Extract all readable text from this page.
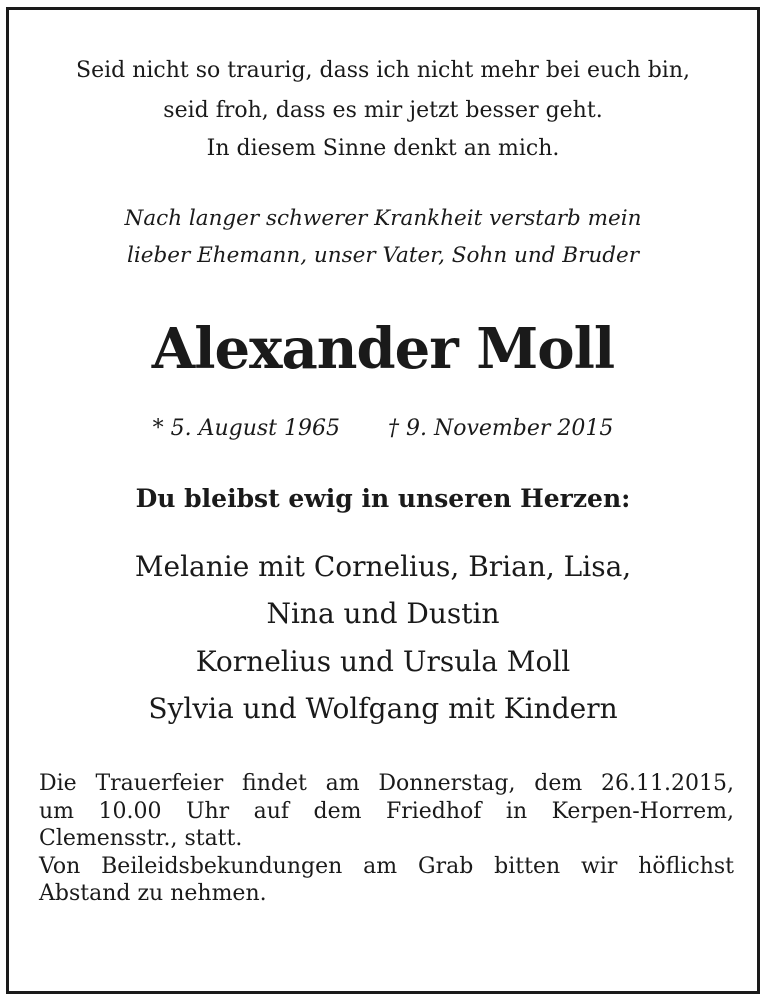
Seid nicht so traurig, dass ich nicht mehr bei euch bin,
seid froh, dass es mir jetzt besser geht.
In diesem Sinne denkt an mich.
Nach langer schwerer Krankheit verstarb mein
lieber Ehemann, unser Vater, Sohn und Bruder
Alexander Moll
* 5. August 1965 † 9. November 2015
Du bleibst ewig in unseren Herzen:
Melanie mit Cornelius, Brian, Lisa,
Nina und Dustin
Kornelius und Ursula Moll
Sylvia und Wolfgang mit Kindern
Die Trauerfeier findet am Donnerstag, dem 26.11.2015,
um 10.00 Uhr auf dem Friedhof in Kerpen-Horrem,
Clemensstr., statt.
Von Beileidsbekundungen am Grab bitten wir höflichst
Abstand zu nehmen.
